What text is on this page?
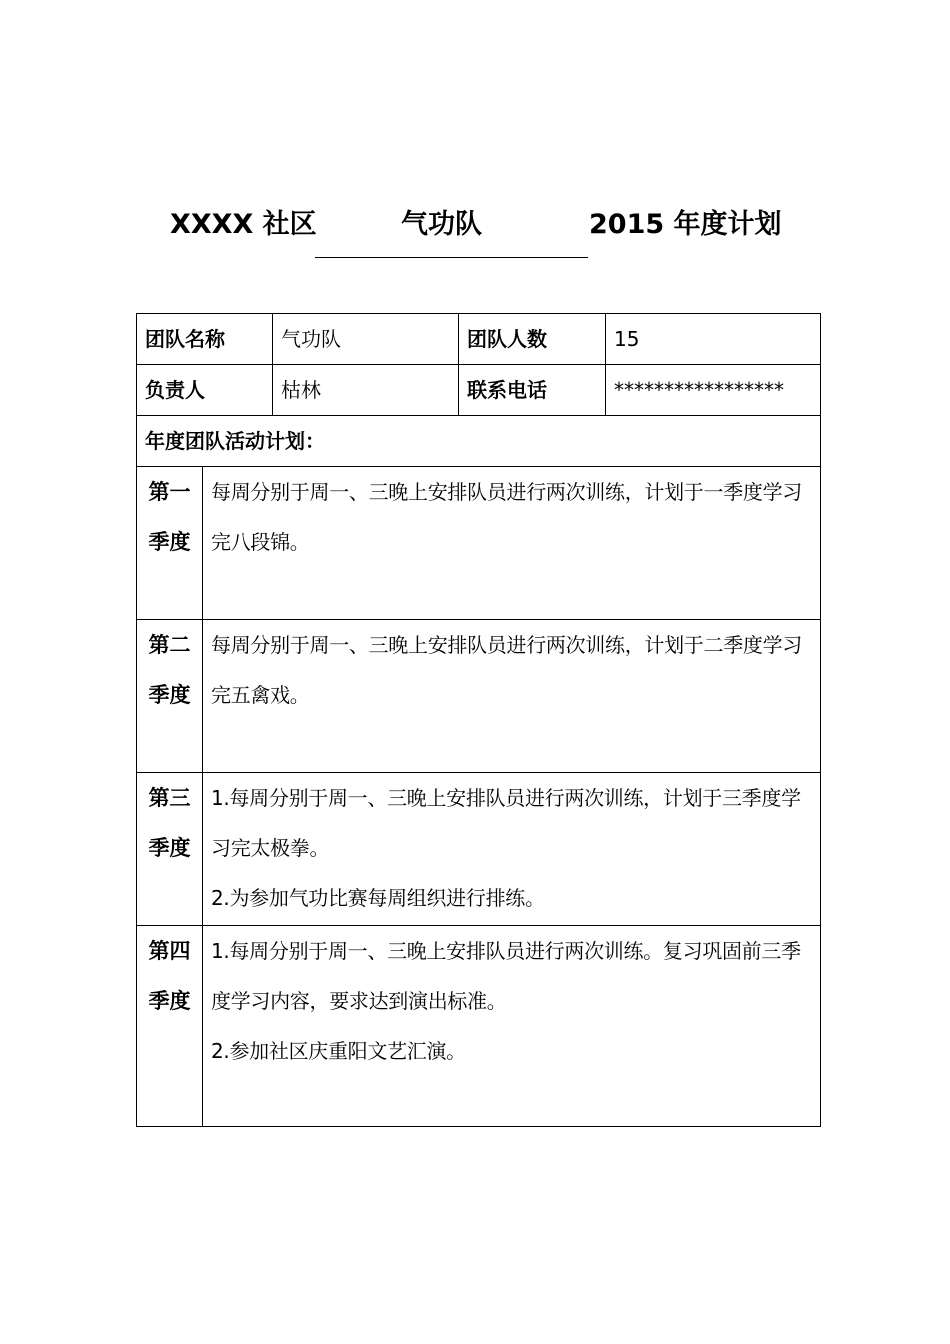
XXXX 社区	气功队	2015 年度计划
团队名称		气功队	团队人数	15
负责人		枯林	联系电话	*****************
年度团队活动计划：				
第一季度	每周分别于周一、三晚上安排队员进行两次训练，计划于一季度学习完八段锦。			

第二季度	每周分别于周一、三晚上安排队员进行两次训练，计划于二季度学习完五禽戏。			

第三季度	1.每周分别于周一、三晚上安排队员进行两次训练，计划于三季度学习完太极拳。

2.为参加气功比赛每周组织进行排练。			

第四季度	1.每周分别于周一、三晚上安排队员进行两次训练。复习巩固前三季度学习内容，要求达到演出标准。

2.参加社区庆重阳文艺汇演。			
